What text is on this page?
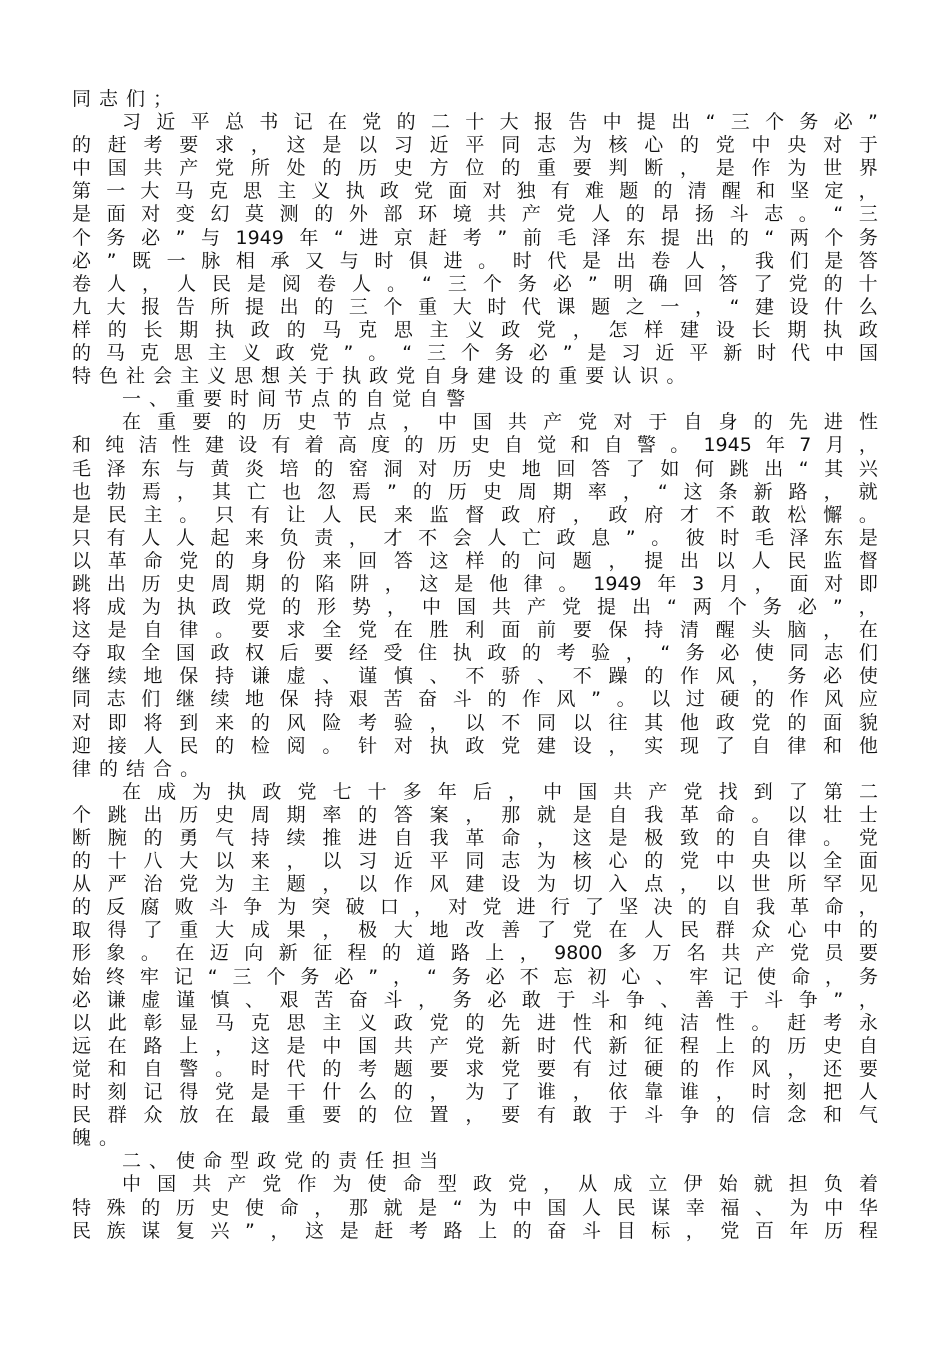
同 志 们 ；
习 近 平 总 书 记 在 党 的 二 十 大 报 告 中 提 出 “ 三 个 务 必 ”
的 赶 考 要 求 ， 这 是 以 习 近 平 同 志 为 核 心 的 党 中 央 对 于
中 国 共 产 党 所 处 的 历 史 方 位 的 重 要 判 断 ， 是 作 为 世 界
第 一 大 马 克 思 主 义 执 政 党 面 对 独 有 难 题 的 清 醒 和 坚 定 ，
是 面 对 变 幻 莫 测 的 外 部 环 境 共 产 党 人 的 昂 扬 斗 志 。 “ 三
个 务 必 ” 与 1949 年 “ 进 京 赶 考 ” 前 毛 泽 东 提 出 的 “ 两 个 务
必 ” 既 一 脉 相 承 又 与 时 俱 进 。 时 代 是 出 卷 人 ， 我 们 是 答
卷 人 ， 人 民 是 阅 卷 人 。 “ 三 个 务 必 ” 明 确 回 答 了 党 的 十
九 大 报 告 所 提 出 的 三 个 重 大 时 代 课 题 之 一 ， “ 建 设 什 么
样 的 长 期 执 政 的 马 克 思 主 义 政 党 ， 怎 样 建 设 长 期 执 政
的 马 克 思 主 义 政 党 ” 。 “ 三 个 务 必 ” 是 习 近 平 新 时 代 中 国
特 色 社 会 主 义 思 想 关 于 执 政 党 自 身 建 设 的 重 要 认 识 。
一 、 重 要 时 间 节 点 的 自 觉 自 警
在 重 要 的 历 史 节 点 ， 中 国 共 产 党 对 于 自 身 的 先 进 性
和 纯 洁 性 建 设 有 着 高 度 的 历 史 自 觉 和 自 警 。 1945 年 7 月 ，
毛 泽 东 与 黄 炎 培 的 窑 洞 对 历 史 地 回 答 了 如 何 跳 出 “ 其 兴
也 勃 焉 ， 其 亡 也 忽 焉 ” 的 历 史 周 期 率 ， “ 这 条 新 路 ， 就
是 民 主 。 只 有 让 人 民 来 监 督 政 府 ， 政 府 才 不 敢 松 懈 。
只 有 人 人 起 来 负 责 ， 才 不 会 人 亡 政 息 ” 。 彼 时 毛 泽 东 是
以 革 命 党 的 身 份 来 回 答 这 样 的 问 题 ， 提 出 以 人 民 监 督
跳 出 历 史 周 期 的 陷 阱 ， 这 是 他 律 。 1949 年 3 月 ， 面 对 即
将 成 为 执 政 党 的 形 势 ， 中 国 共 产 党 提 出 “ 两 个 务 必 ” ，
这 是 自 律 。 要 求 全 党 在 胜 利 面 前 要 保 持 清 醒 头 脑 ， 在
夺 取 全 国 政 权 后 要 经 受 住 执 政 的 考 验 ， “ 务 必 使 同 志 们
继 续 地 保 持 谦 虚 、 谨 慎 、 不 骄 、 不 躁 的 作 风 ， 务 必 使
同 志 们 继 续 地 保 持 艰 苦 奋 斗 的 作 风 ” 。 以 过 硬 的 作 风 应
对 即 将 到 来 的 风 险 考 验 ， 以 不 同 以 往 其 他 政 党 的 面 貌
迎 接 人 民 的 检 阅 。 针 对 执 政 党 建 设 ， 实 现 了 自 律 和 他
律 的 结 合 。
在 成 为 执 政 党 七 十 多 年 后 ， 中 国 共 产 党 找 到 了 第 二
个 跳 出 历 史 周 期 率 的 答 案 ， 那 就 是 自 我 革 命 。 以 壮 士
断 腕 的 勇 气 持 续 推 进 自 我 革 命 ， 这 是 极 致 的 自 律 。 党
的 十 八 大 以 来 ， 以 习 近 平 同 志 为 核 心 的 党 中 央 以 全 面
从 严 治 党 为 主 题 ， 以 作 风 建 设 为 切 入 点 ， 以 世 所 罕 见
的 反 腐 败 斗 争 为 突 破 口 ， 对 党 进 行 了 坚 决 的 自 我 革 命 ，
取 得 了 重 大 成 果 ， 极 大 地 改 善 了 党 在 人 民 群 众 心 中 的
形 象 。 在 迈 向 新 征 程 的 道 路 上 ， 9800 多 万 名 共 产 党 员 要
始 终 牢 记 “ 三 个 务 必 ” ， “ 务 必 不 忘 初 心 、 牢 记 使 命 ， 务
必 谦 虚 谨 慎 、 艰 苦 奋 斗 ， 务 必 敢 于 斗 争 、 善 于 斗 争 ” ，
以 此 彰 显 马 克 思 主 义 政 党 的 先 进 性 和 纯 洁 性 。 赶 考 永
远 在 路 上 ， 这 是 中 国 共 产 党 新 时 代 新 征 程 上 的 历 史 自
觉 和 自 警 。 时 代 的 考 题 要 求 党 要 有 过 硬 的 作 风 ， 还 要
时 刻 记 得 党 是 干 什 么 的 ， 为 了 谁 ， 依 靠 谁 ， 时 刻 把 人
民 群 众 放 在 最 重 要 的 位 置 ， 要 有 敢 于 斗 争 的 信 念 和 气
魄 。
二 、 使 命 型 政 党 的 责 任 担 当
中 国 共 产 党 作 为 使 命 型 政 党 ， 从 成 立 伊 始 就 担 负 着
特 殊 的 历 史 使 命 ， 那 就 是 “ 为 中 国 人 民 谋 幸 福 、 为 中 华
民 族 谋 复 兴 ” ， 这 是 赶 考 路 上 的 奋 斗 目 标 ， 党 百 年 历 程
